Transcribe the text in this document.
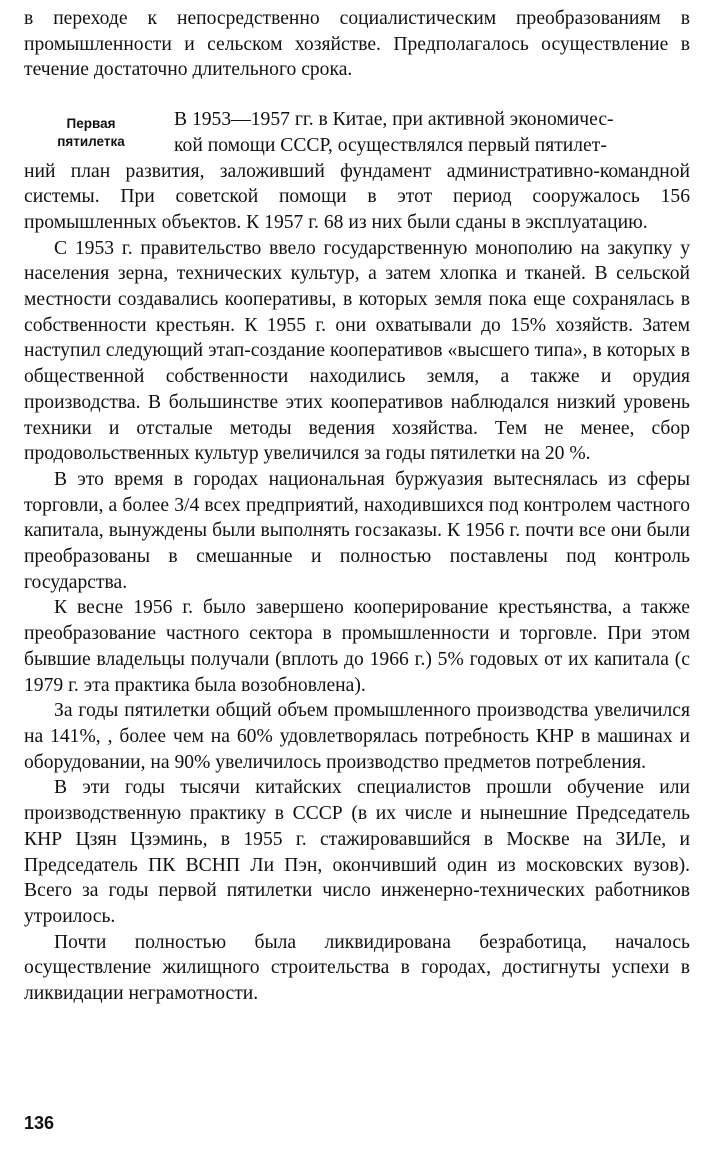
в переходе к непосредственно социалистическим преобразованиям в промышленности и сельском хозяйстве. Предполагалось осуществление в течение достаточно длительного срока.

Первая пятилетка

В 1953—1957 гг. в Китае, при активной экономичес-
кой помощи СССР, осуществлялся первый пятилет-
ний план развития, заложивший фундамент административно-командной системы. При советской помощи в этот период сооружалось 156 промышленных объектов. К 1957 г. 68 из них были сданы в эксплуатацию.

С 1953 г. правительство ввело государственную монополию на закупку у населения зерна, технических культур, а затем хлопка и тканей. В сельской местности создавались кооперативы, в которых земля пока еще сохранялась в собственности крестьян. К 1955 г. они охватывали до 15% хозяйств. Затем наступил следующий этап-создание кооперативов «высшего типа», в которых в общественной собственности находились земля, а также и орудия производства. В большинстве этих кооперативов наблюдался низкий уровень техники и отсталые методы ведения хозяйства. Тем не менее, сбор продовольственных культур увеличился за годы пятилетки на 20 %.

В это время в городах национальная буржуазия вытеснялась из сферы торговли, а более 3/4 всех предприятий, находившихся под контролем частного капитала, вынуждены были выполнять госзаказы. К 1956 г. почти все они были преобразованы в смешанные и полностью поставлены под контроль государства.

К весне 1956 г. было завершено кооперирование крестьянства, а также преобразование частного сектора в промышленности и торговле. При этом бывшие владельцы получали (вплоть до 1966 г.) 5% годовых от их капитала (с 1979 г. эта практика была возобновлена).

За годы пятилетки общий объем промышленного производства увеличился на 141%, , более чем на 60% удовлетворялась потребность КНР в машинах и оборудовании, на 90% увеличилось производство предметов потребления.

В эти годы тысячи китайских специалистов прошли обучение или производственную практику в СССР (в их числе и нынешние Председатель КНР Цзян Цзэминь, в 1955 г. стажировавшийся в Москве на ЗИЛе, и Председатель ПК ВСНП Ли Пэн, окончивший один из московских вузов). Всего за годы первой пятилетки число инженерно-технических работников утроилось.

Почти полностью была ликвидирована безработица, началось осуществление жилищного строительства в городах, достигнуты успехи в ликвидации неграмотности.

136
